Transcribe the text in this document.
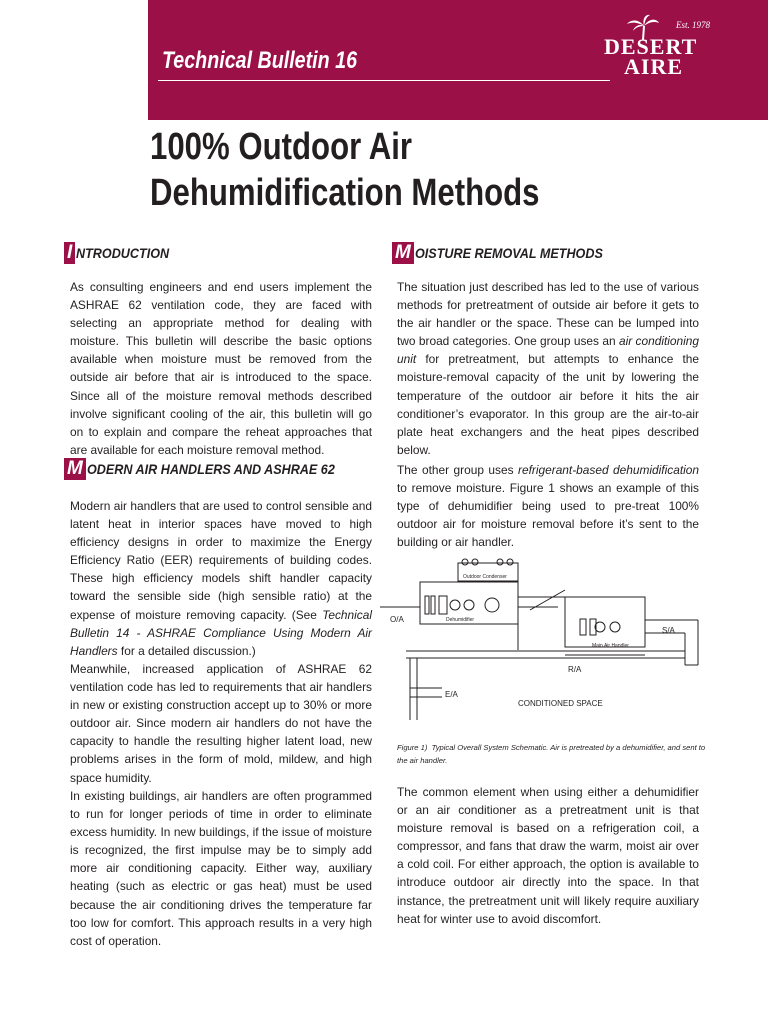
Technical Bulletin 16
Est. 1978
DESERT
AIRE
100% Outdoor Air
Dehumidification Methods
I NTRODUCTION

As consulting engineers and end users implement the ASHRAE 62 ventilation code, they are faced with selecting an appropriate method for dealing with moisture. This bulletin will describe the basic options available when moisture must be removed from the outside air before that air is introduced to the space. Since all of the moisture removal methods described involve significant cooling of the air, this bulletin will go on to explain and compare the reheat approaches that are available for each moisture removal method.

M ODERN AIR HANDLERS AND ASHRAE 62

Modern air handlers that are used to control sensible and latent heat in interior spaces have moved to high efficiency designs in order to maximize the Energy Efficiency Ratio (EER) requirements of building codes. These high efficiency models shift handler capacity toward the sensible side (high sensible ratio) at the expense of moisture removing capacity. (See Technical Bulletin 14 - ASHRAE Compliance Using Modern Air Handlers for a detailed discussion.)

Meanwhile, increased application of ASHRAE 62 ventilation code has led to requirements that air handlers in new or existing construction accept up to 30% or more outdoor air. Since modern air handlers do not have the capacity to handle the resulting higher latent load, new problems arises in the form of mold, mildew, and high space humidity.

In existing buildings, air handlers are often programmed to run for longer periods of time in order to eliminate excess humidity. In new buildings, if the issue of moisture is recognized, the first impulse may be to simply add more air conditioning capacity. Either way, auxiliary heating (such as electric or gas heat) must be used because the air conditioning drives the temperature far too low for comfort. This approach results in a very high cost of operation.

M OISTURE REMOVAL METHODS

The situation just described has led to the use of various methods for pretreatment of outside air before it gets to the air handler or the space. These can be lumped into two broad categories. One group uses an air conditioning unit for pretreatment, but attempts to enhance the moisture-removal capacity of the unit by lowering the temperature of the outdoor air before it hits the air conditioner’s evaporator. In this group are the air-to-air plate heat exchangers and the heat pipes described below.

The other group uses refrigerant-based dehumidification to remove moisture. Figure 1 shows an example of this type of dehumidifier being used to pre-treat 100% outdoor air for moisture removal before it’s sent to the building or air handler.

Outdoor Condenser
O/A	Dehumidifier
Main Air Handler
S/A
R/A
E/A
CONDITIONED SPACE

Figure 1) Typical Overall System Schematic. Air is pretreated by a dehumidifier, and sent to the air handler.

The common element when using either a dehumidifier or an air conditioner as a pretreatment unit is that moisture removal is based on a refrigeration coil, a compressor, and fans that draw the warm, moist air over a cold coil. For either approach, the option is available to introduce outdoor air directly into the space. In that instance, the pretreatment unit will likely require auxiliary heat for winter use to avoid discomfort.
